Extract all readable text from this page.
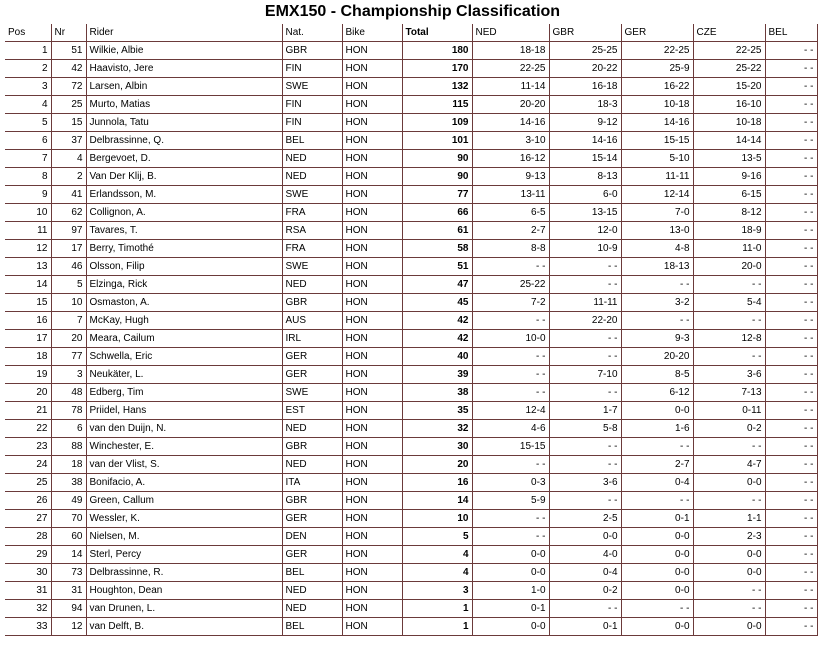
EMX150 - Championship Classification
Pos	Nr	Rider	Nat.	Bike	Total	NED	GBR	GER	CZE	BEL
1	51	Wilkie, Albie	GBR	HON	180	18-18	25-25	22-25	22-25	- -
2	42	Haavisto, Jere	FIN	HON	170	22-25	20-22	25-9	25-22	- -
3	72	Larsen, Albin	SWE	HON	132	11-14	16-18	16-22	15-20	- -
4	25	Murto, Matias	FIN	HON	115	20-20	18-3	10-18	16-10	- -
5	15	Junnola, Tatu	FIN	HON	109	14-16	9-12	14-16	10-18	- -
6	37	Delbrassinne, Q.	BEL	HON	101	3-10	14-16	15-15	14-14	- -
7	4	Bergevoet, D.	NED	HON	90	16-12	15-14	5-10	13-5	- -
8	2	Van Der Klij, B.	NED	HON	90	9-13	8-13	11-11	9-16	- -
9	41	Erlandsson, M.	SWE	HON	77	13-11	6-0	12-14	6-15	- -
10	62	Collignon, A.	FRA	HON	66	6-5	13-15	7-0	8-12	- -
11	97	Tavares, T.	RSA	HON	61	2-7	12-0	13-0	18-9	- -
12	17	Berry, Timothé	FRA	HON	58	8-8	10-9	4-8	11-0	- -
13	46	Olsson, Filip	SWE	HON	51	- -	- -	18-13	20-0	- -
14	5	Elzinga, Rick	NED	HON	47	25-22	- -	- -	- -	- -
15	10	Osmaston, A.	GBR	HON	45	7-2	11-11	3-2	5-4	- -
16	7	McKay, Hugh	AUS	HON	42	- -	22-20	- -	- -	- -
17	20	Meara, Cailum	IRL	HON	42	10-0	- -	9-3	12-8	- -
18	77	Schwella, Eric	GER	HON	40	- -	- -	20-20	- -	- -
19	3	Neukäter, L.	GER	HON	39	- -	7-10	8-5	3-6	- -
20	48	Edberg, Tim	SWE	HON	38	- -	- -	6-12	7-13	- -
21	78	Priidel, Hans	EST	HON	35	12-4	1-7	0-0	0-11	- -
22	6	van den Duijn, N.	NED	HON	32	4-6	5-8	1-6	0-2	- -
23	88	Winchester, E.	GBR	HON	30	15-15	- -	- -	- -	- -
24	18	van der Vlist, S.	NED	HON	20	- -	- -	2-7	4-7	- -
25	38	Bonifacio, A.	ITA	HON	16	0-3	3-6	0-4	0-0	- -
26	49	Green, Callum	GBR	HON	14	5-9	- -	- -	- -	- -
27	70	Wessler, K.	GER	HON	10	- -	2-5	0-1	1-1	- -
28	60	Nielsen, M.	DEN	HON	5	- -	0-0	0-0	2-3	- -
29	14	Sterl, Percy	GER	HON	4	0-0	4-0	0-0	0-0	- -
30	73	Delbrassinne, R.	BEL	HON	4	0-0	0-4	0-0	0-0	- -
31	31	Houghton, Dean	NED	HON	3	1-0	0-2	0-0	- -	- -
32	94	van Drunen, L.	NED	HON	1	0-1	- -	- -	- -	- -
33	12	van Delft, B.	BEL	HON	1	0-0	0-1	0-0	0-0	- -
